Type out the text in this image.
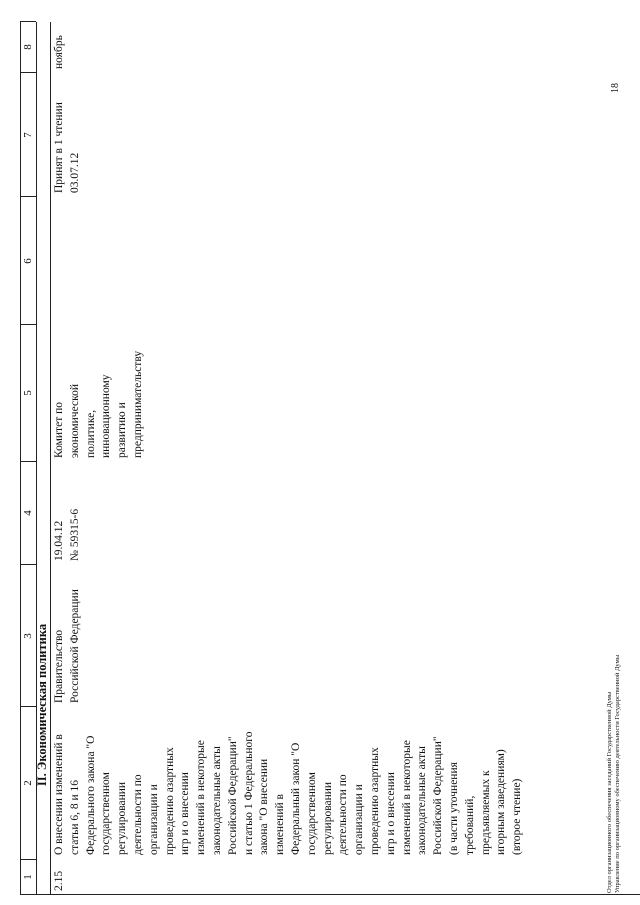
1
2
3
4
5
6
7
8
II. Экономическая политика
2.15
О внесении изменений в
статьи 6, 8 и 16
Федерального закона "О
государственном
регулировании
деятельности по
организации и
проведению азартных
игр и о внесении
изменений в некоторые
законодательные акты
Российской Федерации"
и статью 1 Федерального
закона "О внесении
изменений в
Федеральный закон "О
государственном
регулировании
деятельности по
организации и
проведению азартных
игр и о внесении
изменений в некоторые
законодательные акты
Российской Федерации"
(в части уточнения
требований,
предъявляемых к
игорным заведениям)
(второе чтение)
Правительство
Российской Федерации
19.04.12
№ 59315-6
Комитет по
экономической
политике,
инновационному
развитию и
предпринимательству
Принят в 1 чтении
03.07.12
ноябрь
Отдел организационного обеспечения заседаний Государственной Думы Управление по организационному обеспечению деятельности Государственной Думы
18
